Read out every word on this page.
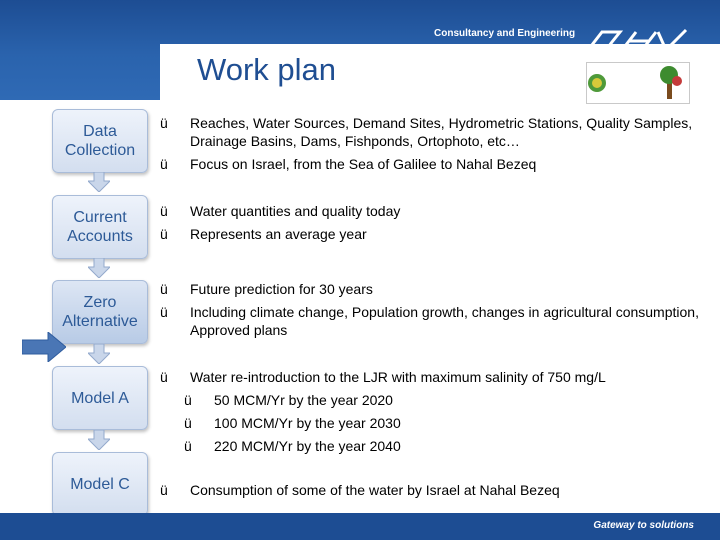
Consultancy and Engineering
Work plan
Data
Collection
Current
Accounts
Zero
Alternative
Model A
Model C
ü	Reaches, Water Sources, Demand Sites, Hydrometric Stations, Quality Samples, Drainage Basins, Dams, Fishponds, Ortophoto, etc…
ü	Focus on Israel, from the Sea of Galilee to Nahal Bezeq
ü	Water quantities and quality today
ü	Represents an average year
ü	Future prediction for 30 years
ü	Including climate change, Population growth, changes in agricultural consumption, Approved plans
ü	Water re-introduction to the LJR with maximum salinity of 750 mg/L
ü	50 MCM/Yr by the year 2020
ü	100 MCM/Yr by the year 2030
ü	220 MCM/Yr by the year 2040
ü	Consumption of some of the water by Israel at Nahal Bezeq
Gateway to solutions
